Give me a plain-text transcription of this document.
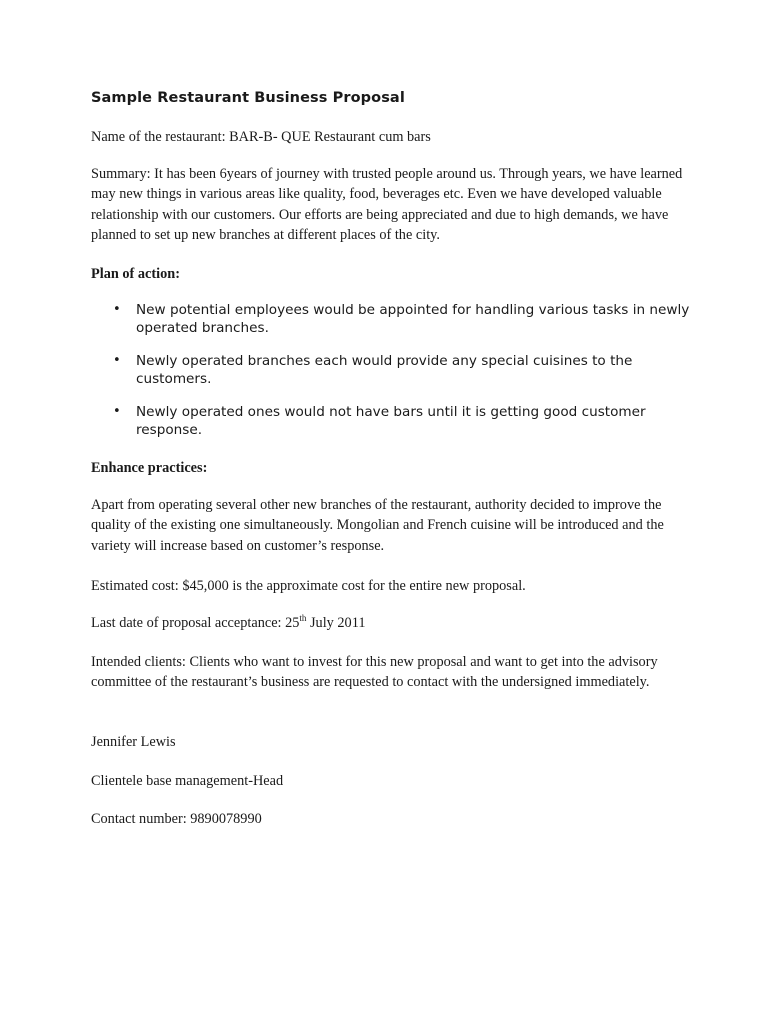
Sample Restaurant Business Proposal
Name of the restaurant: BAR-B- QUE Restaurant cum bars
Summary: It has been 6years of journey with trusted people around us. Through years, we have learned may new things in various areas like quality, food, beverages etc. Even we have developed valuable relationship with our customers. Our efforts are being appreciated and due to high demands, we have planned to set up new branches at different places of the city.
Plan of action:
• New potential employees would be appointed for handling various tasks in newly operated branches.
• Newly operated branches each would provide any special cuisines to the customers.
• Newly operated ones would not have bars until it is getting good customer response.
Enhance practices:
Apart from operating several other new branches of the restaurant, authority decided to improve the quality of the existing one simultaneously. Mongolian and French cuisine will be introduced and the variety will increase based on customer’s response.
Estimated cost: $45,000 is the approximate cost for the entire new proposal.
Last date of proposal acceptance: 25th July 2011
Intended clients: Clients who want to invest for this new proposal and want to get into the advisory committee of the restaurant’s business are requested to contact with the undersigned immediately.
Jennifer Lewis
Clientele base management-Head
Contact number: 9890078990
